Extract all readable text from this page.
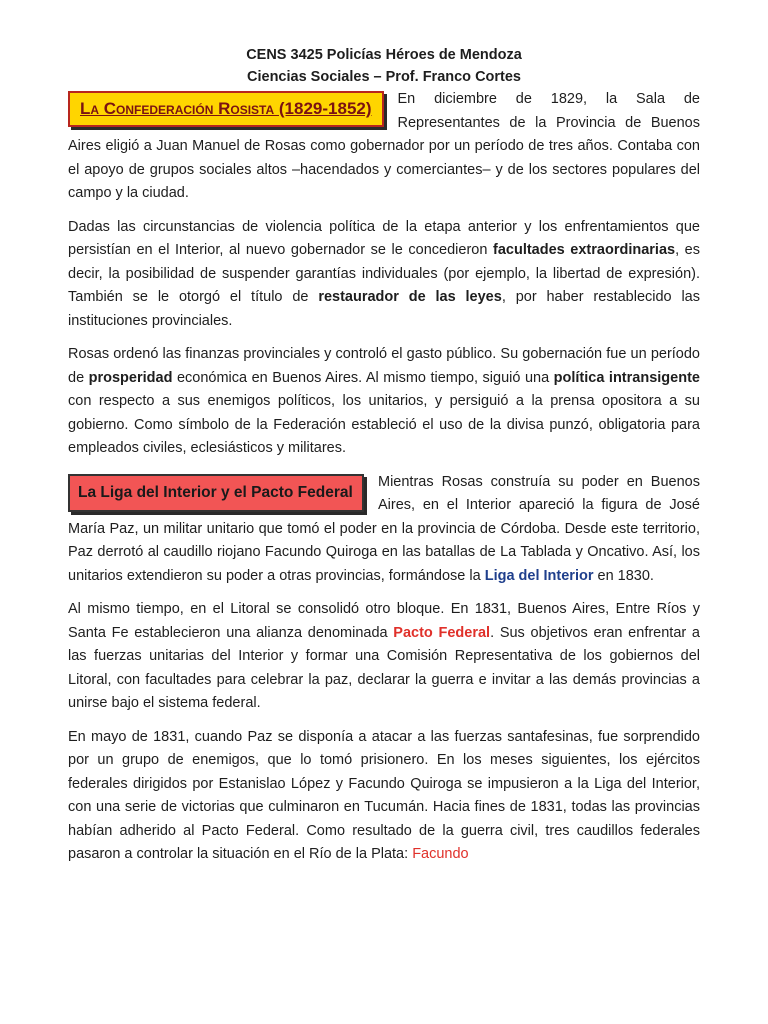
CENS 3425 Policías Héroes de Mendoza
Ciencias Sociales – Prof. Franco Cortes
La Confederación Rosista (1829-1852)	En diciembre de 1829, la Sala de Representantes de la Provincia de Buenos Aires eligió a Juan Manuel de Rosas como gobernador por un período de tres años. Contaba con el apoyo de grupos sociales altos –hacendados y comerciantes– y de los sectores populares del campo y la ciudad.

Dadas las circunstancias de violencia política de la etapa anterior y los enfrentamientos que persistían en el Interior, al nuevo gobernador se le concedieron facultades extraordinarias, es decir, la posibilidad de suspender garantías individuales (por ejemplo, la libertad de expresión). También se le otorgó el título de restaurador de las leyes, por haber restablecido las instituciones provinciales.

Rosas ordenó las finanzas provinciales y controló el gasto público. Su gobernación fue un período de prosperidad económica en Buenos Aires. Al mismo tiempo, siguió una política intransigente con respecto a sus enemigos políticos, los unitarios, y persiguió a la prensa opositora a su gobierno. Como símbolo de la Federación estableció el uso de la divisa punzó, obligatoria para empleados civiles, eclesiásticos y militares.

La Liga del Interior y el Pacto Federal

Mientras Rosas construía su poder en Buenos Aires, en el Interior apareció la figura de José María Paz, un militar unitario que tomó el poder en la provincia de Córdoba. Desde este territorio, Paz derrotó al caudillo riojano Facundo Quiroga en las batallas de La Tablada y Oncativo. Así, los unitarios extendieron su poder a otras provincias, formándose la Liga del Interior en 1830.

Al mismo tiempo, en el Litoral se consolidó otro bloque. En 1831, Buenos Aires, Entre Ríos y Santa Fe establecieron una alianza denominada Pacto Federal. Sus objetivos eran enfrentar a las fuerzas unitarias del Interior y formar una Comisión Representativa de los gobiernos del Litoral, con facultades para celebrar la paz, declarar la guerra e invitar a las demás provincias a unirse bajo el sistema federal.

En mayo de 1831, cuando Paz se disponía a atacar a las fuerzas santafesinas, fue sorprendido por un grupo de enemigos, que lo tomó prisionero. En los meses siguientes, los ejércitos federales dirigidos por Estanislao López y Facundo Quiroga se impusieron a la Liga del Interior, con una serie de victorias que culminaron en Tucumán. Hacia fines de 1831, todas las provincias habían adherido al Pacto Federal. Como resultado de la guerra civil, tres caudillos federales pasaron a controlar la situación en el Río de la Plata: Facundo
